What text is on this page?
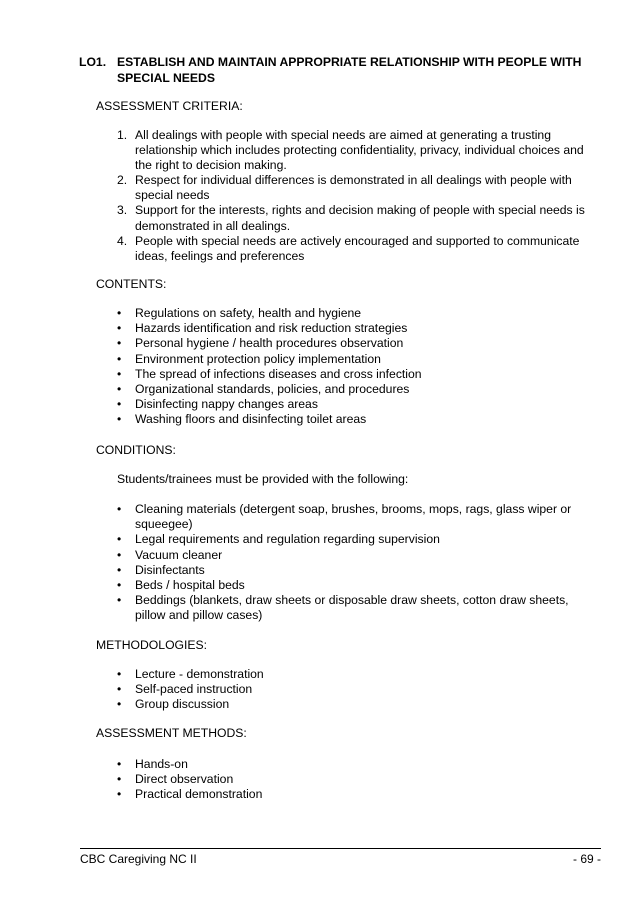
LO1. ESTABLISH AND MAINTAIN APPROPRIATE RELATIONSHIP WITH PEOPLE WITH SPECIAL NEEDS
ASSESSMENT CRITERIA:
1. All dealings with people with special needs are aimed at generating a trusting relationship which includes protecting confidentiality, privacy, individual choices and the right to decision making.
2. Respect for individual differences is demonstrated in all dealings with people with special needs
3. Support for the interests, rights and decision making of people with special needs is demonstrated in all dealings.
4. People with special needs are actively encouraged and supported to communicate ideas, feelings and preferences
CONTENTS:
• Regulations on safety, health and hygiene
• Hazards identification and risk reduction strategies
• Personal hygiene / health procedures observation
• Environment protection policy implementation
• The spread of infections diseases and cross infection
• Organizational standards, policies, and procedures
• Disinfecting nappy changes areas
• Washing floors and disinfecting toilet areas
CONDITIONS:
Students/trainees must be provided with the following:
• Cleaning materials (detergent soap, brushes, brooms, mops, rags, glass wiper or squeegee)
• Legal requirements and regulation regarding supervision
• Vacuum cleaner
• Disinfectants
• Beds / hospital beds
• Beddings (blankets, draw sheets or disposable draw sheets, cotton draw sheets, pillow and pillow cases)
METHODOLOGIES:
• Lecture - demonstration
• Self-paced instruction
• Group discussion
ASSESSMENT METHODS:
• Hands-on
• Direct observation
• Practical demonstration
CBC Caregiving NC II	- 69 -
